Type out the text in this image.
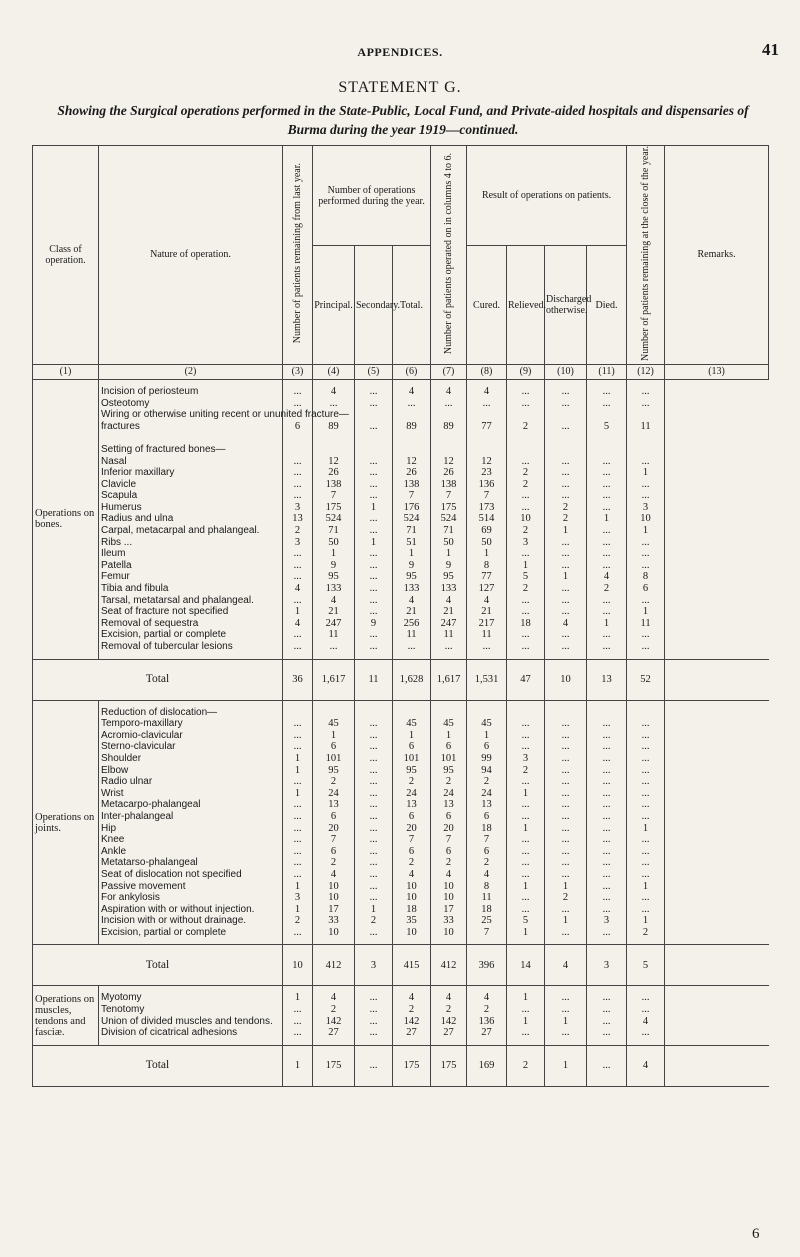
APPENDICES.	41
STATEMENT G.
Showing the Surgical operations performed in the State-Public, Local Fund, and Private-aided hospitals and dispensaries of Burma during the year 1919—continued.
Class of operation.	Nature of operation.	Number of patients remaining from last year.	Number of operations performed during the year.			Number of patients operated on in columns 4 to 6.	Result of operations on patients.				Number of patients remaining at the close of the year.	Remarks.
			Principal.	Secondary.	Total.		Cured.	Relieved.	Discharged otherwise.	Died.		
(1)	(2)	(3)	(4)	(5)	(6)	(7)	(8)	(9)	(10)	(11)	(12)	(13)

Operations on bones.	Incision of periosteum	...	4	...	4	4	4	...	...	...	...	
	Osteotomy	...	...	...	...	...	...	...	...	...	...	
	Wiring or otherwise uniting recent or ununited fracture—											
	fractures	6	89	...	89	89	77	2	...	5	11	

	Setting of fractured bones—											
	Nasal	...	12	...	12	12	12	...	...	...	...	
	Inferior maxillary	...	26	...	26	26	23	2	...	...	1	
	Clavicle	...	138	...	138	138	136	2	...	...	...	
	Scapula	...	7	...	7	7	7	...	...	...	...	
	Humerus	3	175	1	176	175	173	...	2	...	3	
	Radius and ulna	13	524	...	524	524	514	10	2	1	10	
	Carpal, metacarpal and phalangeal.	2	71	...	71	71	69	2	1	...	1	
	Ribs ...	3	50	1	51	50	50	3	...	...	...	
	Ileum	...	1	...	1	1	1	...	...	...	...	
	Patella	...	9	...	9	9	8	1	...	...	...	
	Femur	...	95	...	95	95	77	5	1	4	8	
	Tibia and fibula	4	133	...	133	133	127	2	...	2	6	
	Tarsal, metatarsal and phalangeal.	...	4	...	4	4	4	...	...	...	...	
	Seat of fracture not specified	1	21	...	21	21	21	...	...	...	1	
	Removal of sequestra	4	247	9	256	247	217	18	4	1	11	
	Excision, partial or complete	...	11	...	11	11	11	...	...	...	...	
	Removal of tubercular lesions	...	...	...	...	...	...	...	...	...	...	

Total		36	1,617	11	1,628	1,617	1,531	47	10	13	52	

Operations on joints.	Reduction of dislocation—											
	Temporo-maxillary	...	45	...	45	45	45	...	...	...	...	
	Acromio-clavicular	...	1	...	1	1	1	...	...	...	...	
	Sterno-clavicular	...	6	...	6	6	6	...	...	...	...	
	Shoulder	1	101	...	101	101	99	3	...	...	...	
	Elbow	1	95	...	95	95	94	2	...	...	...	
	Radio ulnar	...	2	...	2	2	2	...	...	...	...	
	Wrist	1	24	...	24	24	24	1	...	...	...	
	Metacarpo-phalangeal	...	13	...	13	13	13	...	...	...	...	
	Inter-phalangeal	...	6	...	6	6	6	...	...	...	...	
	Hip	...	20	...	20	20	18	1	...	...	1	
	Knee	...	7	...	7	7	7	...	...	...	...	
	Ankle	...	6	...	6	6	6	...	...	...	...	
	Metatarso-phalangeal	...	2	...	2	2	2	...	...	...	...	
	Seat of dislocation not specified	...	4	...	4	4	4	...	...	...	...	
	Passive movement	1	10	...	10	10	8	1	1	...	1	
	For ankylosis	3	10	...	10	10	11	...	2	...	...	
	Aspiration with or without injection.	1	17	1	18	17	18	...	...	...	...	
	Incision with or without drainage.	2	33	2	35	33	25	5	1	3	1	
	Excision, partial or complete	...	10	...	10	10	7	1	...	...	2	

Total		10	412	3	415	412	396	14	4	3	5	

Operations on muscles, tendons and fasciæ.	Myotomy	1	4	...	4	4	4	1	...	...	...	
	Tenotomy	...	2	...	2	2	2	...	...	...	...	
	Union of divided muscles and tendons.	...	142	...	142	142	136	1	1	...	4	
	Division of cicatrical adhesions	...	27	...	27	27	27	...	...	...	...	

Total		1	175	...	175	175	169	2	1	...	4	
6
